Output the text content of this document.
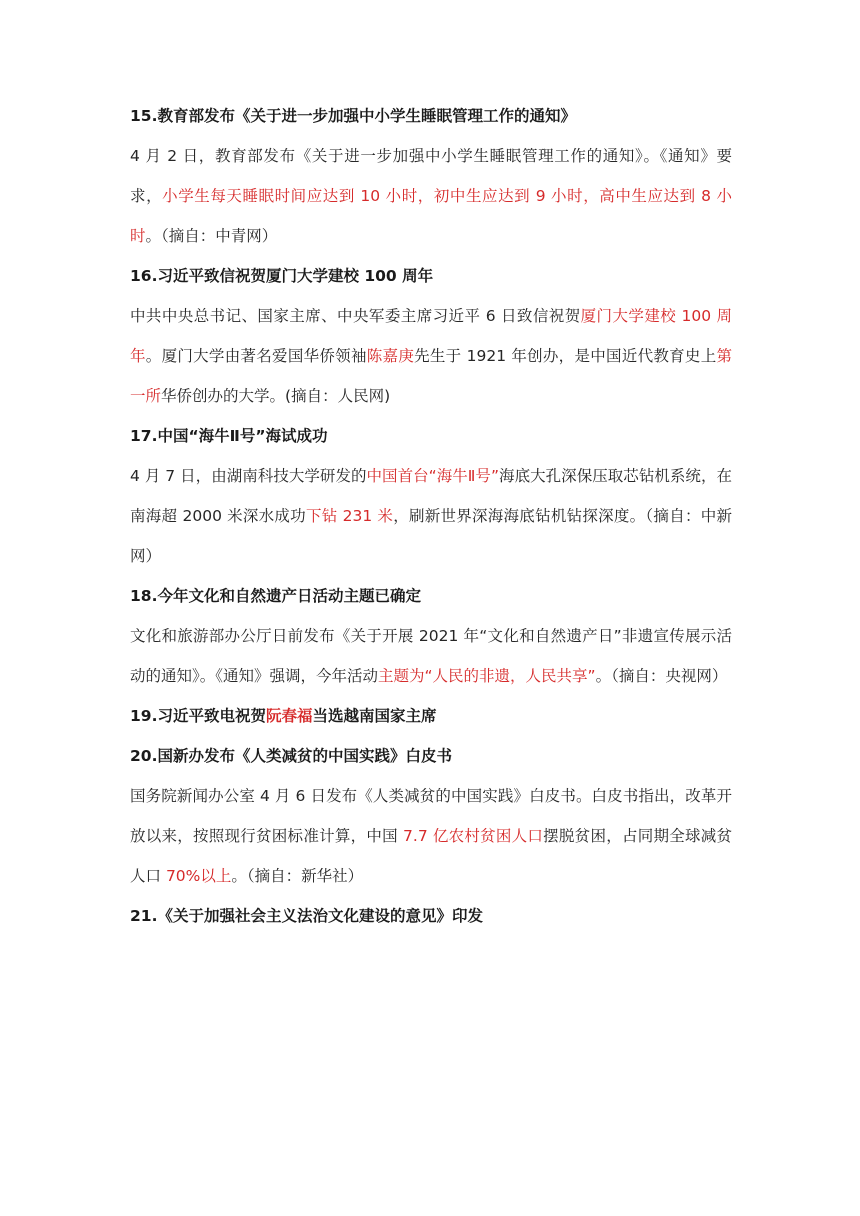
15.教育部发布《关于进一步加强中小学生睡眠管理工作的通知》
4 月 2 日，教育部发布《关于进一步加强中小学生睡眠管理工作的通知》。《通知》要求，小学生每天睡眠时间应达到 10 小时，初中生应达到 9 小时，高中生应达到 8 小时。（摘自：中青网）
16.习近平致信祝贺厦门大学建校 100 周年
中共中央总书记、国家主席、中央军委主席习近平 6 日致信祝贺厦门大学建校 100 周年。厦门大学由著名爱国华侨领袖陈嘉庚先生于 1921 年创办，是中国近代教育史上第一所华侨创办的大学。(摘自：人民网)
17.中国“海牛Ⅱ号”海试成功
4 月 7 日，由湖南科技大学研发的中国首台“海牛Ⅱ号”海底大孔深保压取芯钻机系统，在南海超 2000 米深水成功下钻 231 米，刷新世界深海海底钻机钻探深度。（摘自：中新网）
18.今年文化和自然遗产日活动主题已确定
文化和旅游部办公厅日前发布《关于开展 2021 年“文化和自然遗产日”非遗宣传展示活动的通知》。《通知》强调，今年活动主题为“人民的非遗，人民共享”。（摘自：央视网）
19.习近平致电祝贺阮春福当选越南国家主席
20.国新办发布《人类减贫的中国实践》白皮书
国务院新闻办公室 4 月 6 日发布《人类减贫的中国实践》白皮书。白皮书指出，改革开放以来，按照现行贫困标准计算，中国 7.7 亿农村贫困人口摆脱贫困，占同期全球减贫人口 70%以上。（摘自：新华社）
21.《关于加强社会主义法治文化建设的意见》印发
